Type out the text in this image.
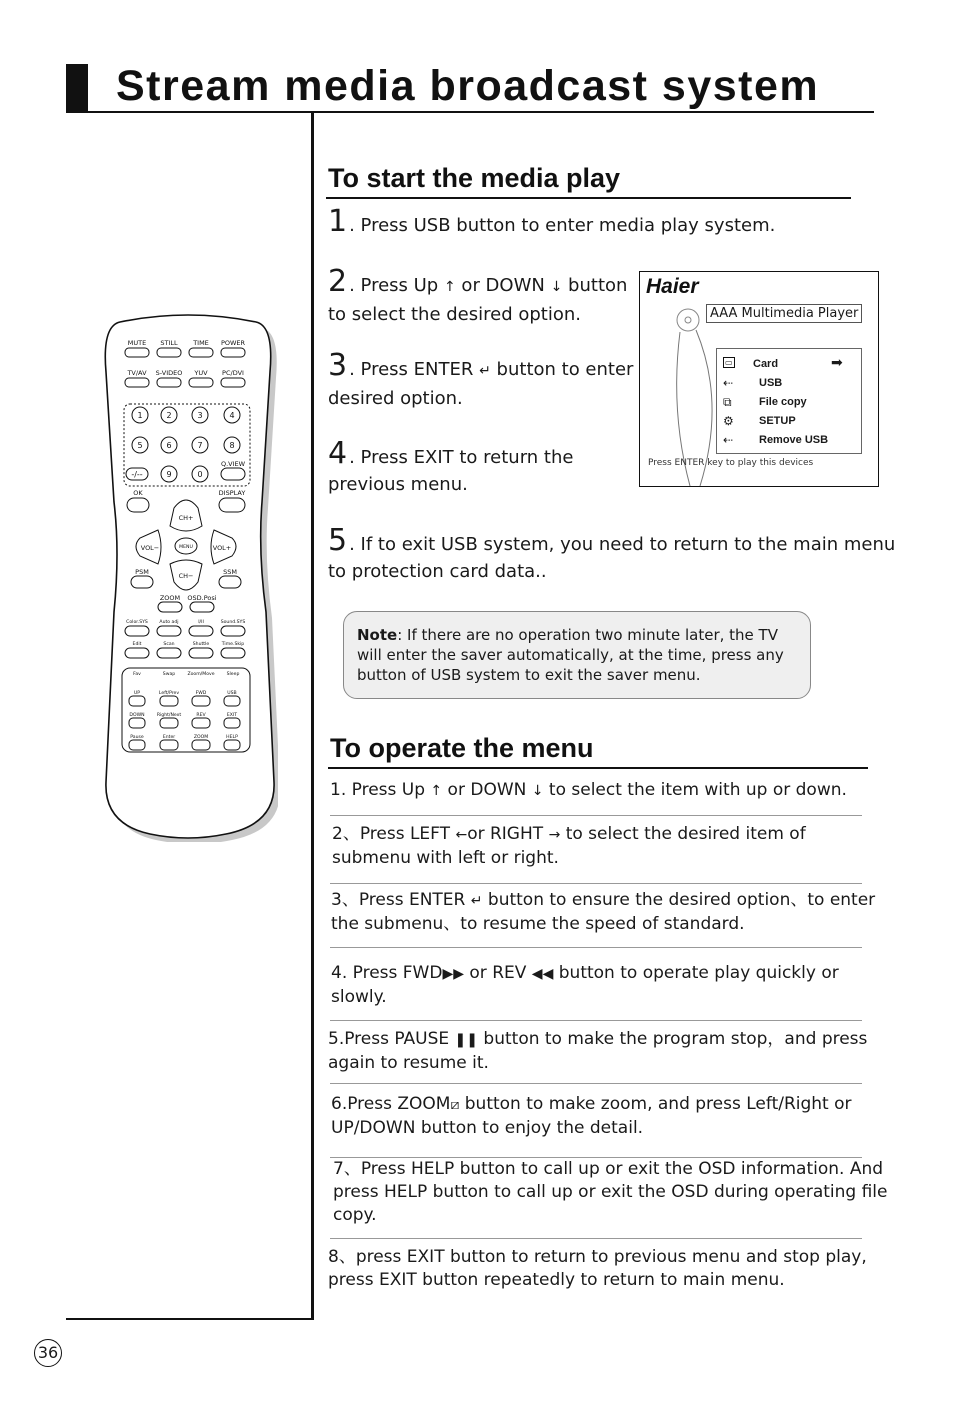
Stream media broadcast system
36
MUTE STILL TIME POWER
TV/AV S-VIDEO YUV PC/DVI
Q.VIEW
OK	DISPLAY
CH+
CH−
VOL−	VOL+
PSM	SSM
ZOOM OSD.Posi
1	2	3	4
5	6	7	8
-/--	9	0
MENU
Color.SYS	Auto adj	I/II	Sound.SYS
Edit	Scan	Shuttle	Time.Skip
Fav	Swap	Zoom/Move	Sleep
UP	Left/Prev	FWD	USB
DOWN	Right/Next	REV	EXIT
Pause	Enter	ZOOM	HELP
To start the media play
1 . Press USB button to enter media play system.
2 . Press Up ↑ or DOWN ↓ button to select the desired option.
3 . Press ENTER ↵ button to enter desired option.
4 . Press EXIT to return the previous menu.
5 . If to exit USB system, you need to return to the main menu to protection card data..
Haier
AAA Multimedia Player
▭ Card	➡
⇠ USB
⧉ File copy
⚙ SETUP
⇠ Remove USB
Press ENTER key to play this devices
Note: If there are no operation two minute later, the TV will enter the saver automatically, at the time, press any button of USB system to exit the saver menu.
To operate the menu
1. Press Up ↑ or DOWN ↓ to select the item with up or down.
2、Press LEFT ←or RIGHT → to select the desired item of submenu with left or right.
3、Press ENTER ↵ button to ensure the desired option、to enter the submenu、to resume the speed of standard.
4. Press FWD▶▶ or REV ◀◀ button to operate play quickly or slowly.
5.Press PAUSE ❚❚ button to make the program stop，and press again to resume it.
6.Press ZOOM⧄ button to make zoom, and press Left/Right or UP/DOWN button to enjoy the detail.
7、Press HELP button to call up or exit the OSD information. And press HELP button to call up or exit the OSD during operating file copy.
8、press EXIT button to return to previous menu and stop play, press EXIT button repeatedly to return to main menu.
